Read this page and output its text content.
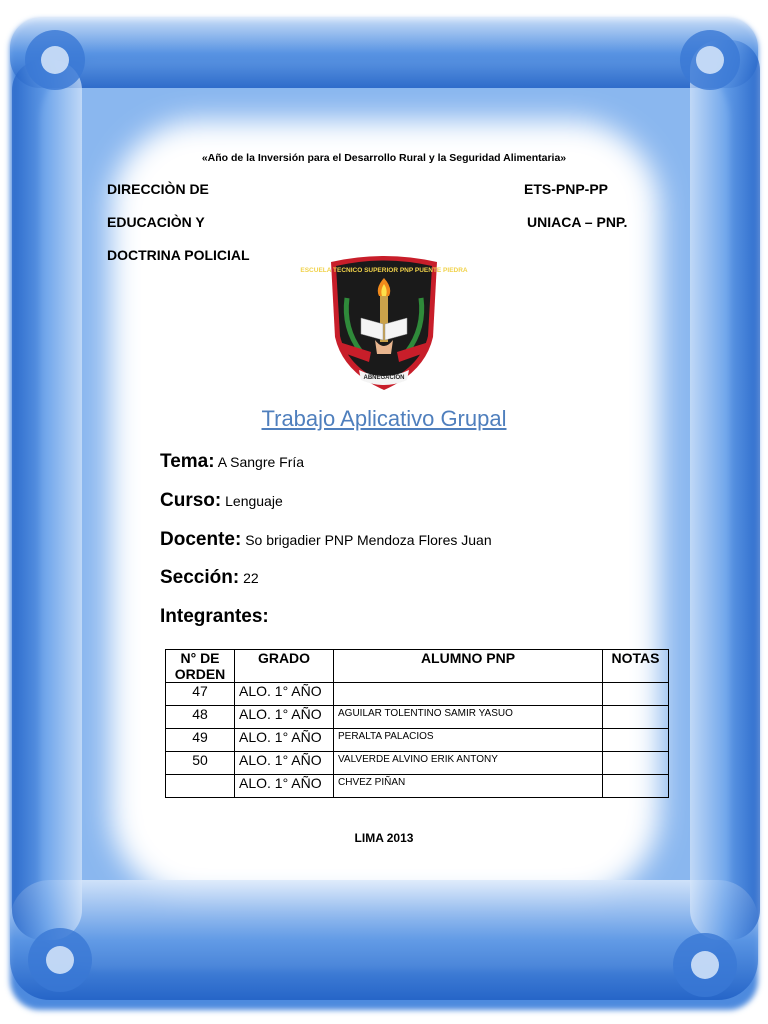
«Año de la Inversión para el Desarrollo Rural y la Seguridad Alimentaria»
DIRECCIÒN DE
EDUCACIÒN Y
DOCTRINA POLICIAL
ETS-PNP-PP
UNIACA – PNP.
ESCUELA TECNICO SUPERIOR PNP PUENTE PIEDRA
ABNEGACION
Trabajo Aplicativo Grupal
Tema: A Sangre Fría
Curso: Lenguaje
Docente: So brigadier PNP Mendoza Flores Juan
Sección: 22
Integrantes:
N° DE ORDEN	GRADO	ALUMNO PNP	NOTAS
47	ALO. 1° AÑO		
48	ALO. 1° AÑO	AGUILAR TOLENTINO SAMIR YASUO	
49	ALO. 1° AÑO	PERALTA PALACIOS	
50	ALO. 1° AÑO	VALVERDE ALVINO ERIK ANTONY	
	ALO. 1° AÑO	CHVEZ PIÑAN	
LIMA 2013
